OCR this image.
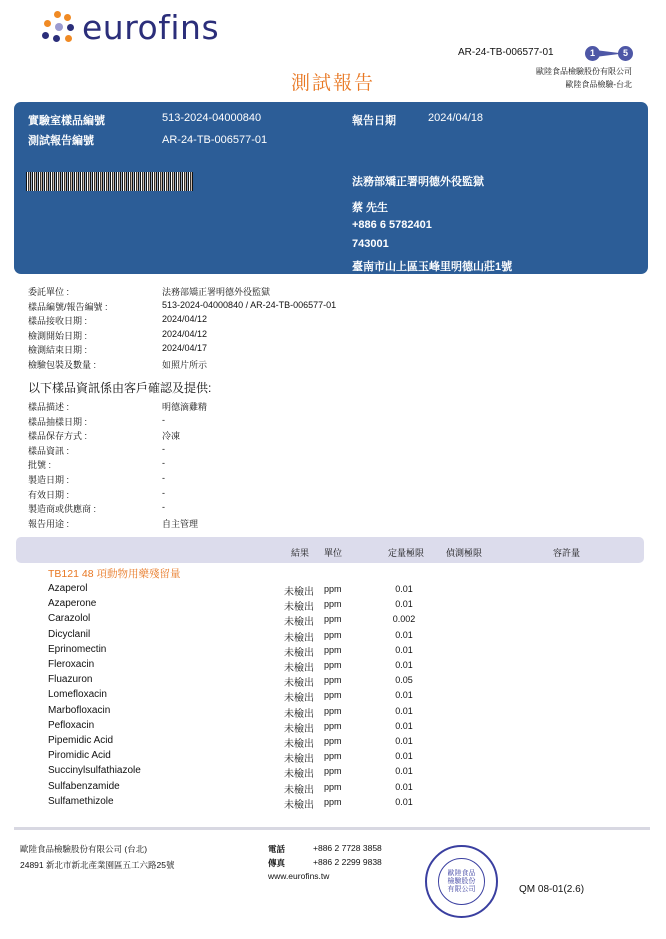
eurofins
AR-24-TB-006577-01	1	5
測試報告
歐陸食品檢驗股份有限公司
歐陸食品檢驗-台北
實驗室樣品編號	513-2024-04000840
測試報告編號	AR-24-TB-006577-01
報告日期	2024/04/18
法務部矯正署明德外役監獄
蔡 先生
+886 6 5782401
743001
臺南市山上區玉峰里明德山莊1號
委託單位 :	法務部矯正署明德外役監獄
樣品編號/報告編號 :	513-2024-04000840 / AR-24-TB-006577-01
樣品接收日期 :	2024/04/12
檢測開始日期 :	2024/04/12
檢測結束日期 :	2024/04/17
檢驗包裝及數量 :	如照片所示
以下樣品資訊係由客戶確認及提供:
樣品描述 :	明德滴雞精
樣品抽樣日期 :	-
樣品保存方式 :	冷凍
樣品資訊 :	-
批號 :	-
製造日期 :	-
有效日期 :	-
製造商或供應商 :	-
報告用途 :	自主管理
結果 單位	定量極限 偵測極限	容許量
TB121 48 項動物用藥殘留量
Azaperol	未檢出 ppm	0.01
Azaperone	未檢出 ppm	0.01
Carazolol	未檢出 ppm	0.002
Dicyclanil	未檢出 ppm	0.01
Eprinomectin	未檢出 ppm	0.01
Fleroxacin	未檢出 ppm	0.01
Fluazuron	未檢出 ppm	0.05
Lomefloxacin	未檢出 ppm	0.01
Marbofloxacin	未檢出 ppm	0.01
Pefloxacin	未檢出 ppm	0.01
Pipemidic Acid	未檢出 ppm	0.01
Piromidic Acid	未檢出 ppm	0.01
Succinylsulfathiazole	未檢出 ppm	0.01
Sulfabenzamide	未檢出 ppm	0.01
Sulfamethizole	未檢出 ppm	0.01
歐陸食品檢驗股份有限公司 (台北)
24891 新北市新北產業園區五工六路25號
電話	+886 2 7728 3858
傳真	+886 2 2299 9838
www.eurofins.tw	歐陸食品
檢驗股份
有限公司	QM 08-01(2.6)
